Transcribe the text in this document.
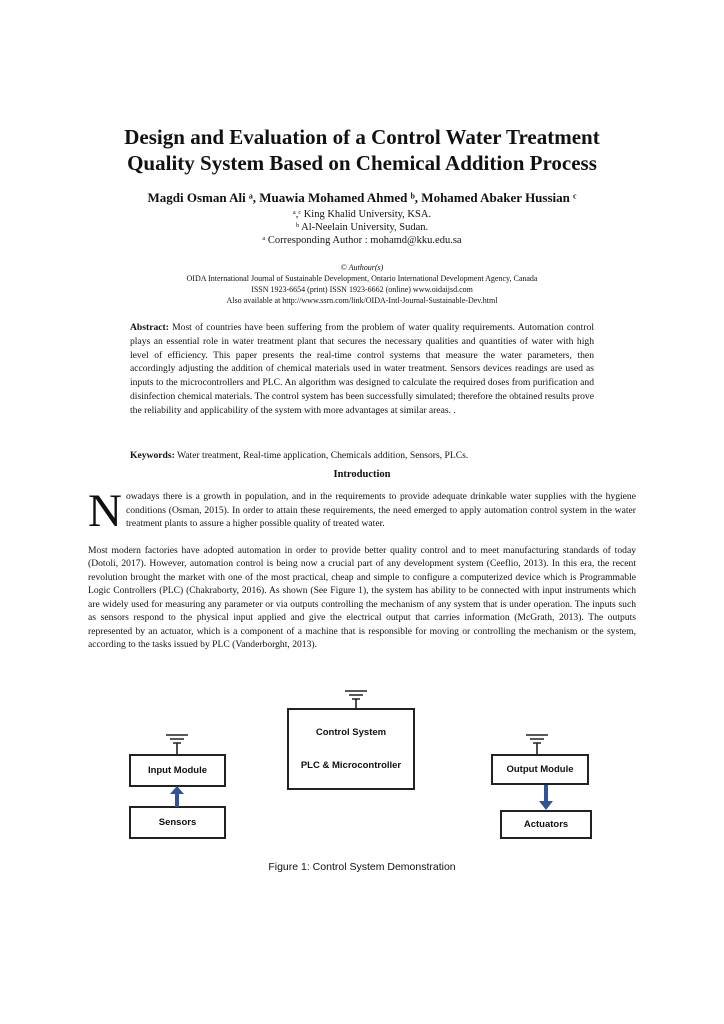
Design and Evaluation of a Control Water Treatment
Quality System Based on Chemical Addition Process
Magdi Osman Ali ᵃ, Muawia Mohamed Ahmed ᵇ, Mohamed Abaker Hussian ᶜ
ᵃ,ᶜ King Khalid University, KSA.
ᵇ Al-Neelain University, Sudan.
ᵃ Corresponding Author : mohamd@kku.edu.sa
© Authour(s)
OIDA International Journal of Sustainable Development, Ontario International Development Agency, Canada
ISSN 1923-6654 (print) ISSN 1923-6662 (online) www.oidaijsd.com
Also available at http://www.ssrn.com/link/OIDA-Intl-Journal-Sustainable-Dev.html
Abstract: Most of countries have been suffering from the problem of water quality requirements. Automation control plays an essential role in water treatment plant that secures the necessary qualities and quantities of water with high level of efficiency. This paper presents the real-time control systems that measure the water parameters, then accordingly adjusting the addition of chemical materials used in water treatment. Sensors devices readings are used as inputs to the microcontrollers and PLC. An algorithm was designed to calculate the required doses from purification and disinfection chemical materials. The control system has been successfully simulated; therefore the obtained results prove the reliability and applicability of the system with more advantages at similar areas. .
Keywords: Water treatment, Real-time application, Chemicals addition, Sensors, PLCs.
Introduction
Nowadays there is a growth in population, and in the requirements to provide adequate drinkable water supplies with the hygiene conditions (Osman, 2015). In order to attain these requirements, the need emerged to apply automation control system in the water treatment plants to assure a higher possible quality of treated water.
Most modern factories have adopted automation in order to provide better quality control and to meet manufacturing standards of today (Dotoli, 2017). However, automation control is being now a crucial part of any development system (Ceeflio, 2013). In this era, the recent revolution brought the market with one of the most practical, cheap and simple to configure a computerized device which is Programmable Logic Controllers (PLC) (Chakraborty, 2016). As shown (See Figure 1), the system has ability to be connected with input instruments which are widely used for measuring any parameter or via outputs controlling the mechanism of any system that is under operation. The inputs such as sensors respond to the physical input applied and give the electrical output that carries information (McGrath, 2013). The outputs represented by an actuator, which is a component of a machine that is responsible for moving or controlling the mechanism or the system, according to the tasks issued by PLC (Vanderborght, 2013).
Input Module
Control System
PLC & Microcontroller	Output Module
Sensors	Actuators
Figure 1: Control System Demonstration
